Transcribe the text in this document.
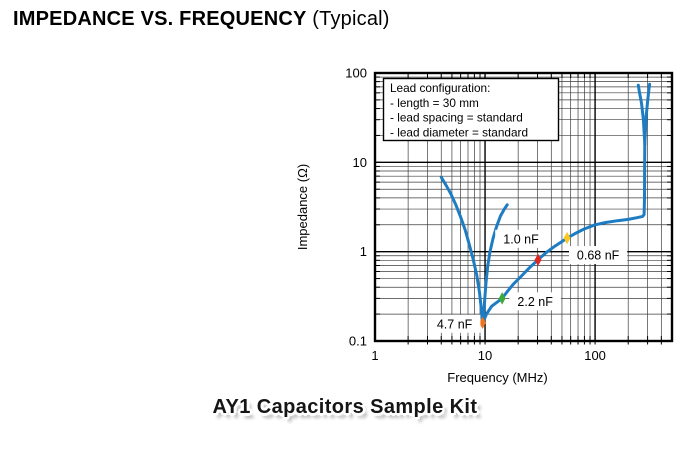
IMPEDANCE VS. FREQUENCY (Typical)
Lead configuration:
- length = 30 mm
- lead spacing = standard
- lead diameter = standard
4.7 nF
2.2 nF
1.0 nF
0.68 nF
100
10
1
0.1
1	10	100
Frequency (MHz)
Impedance (Ω)
AY1 Capacitors Sample Kit
